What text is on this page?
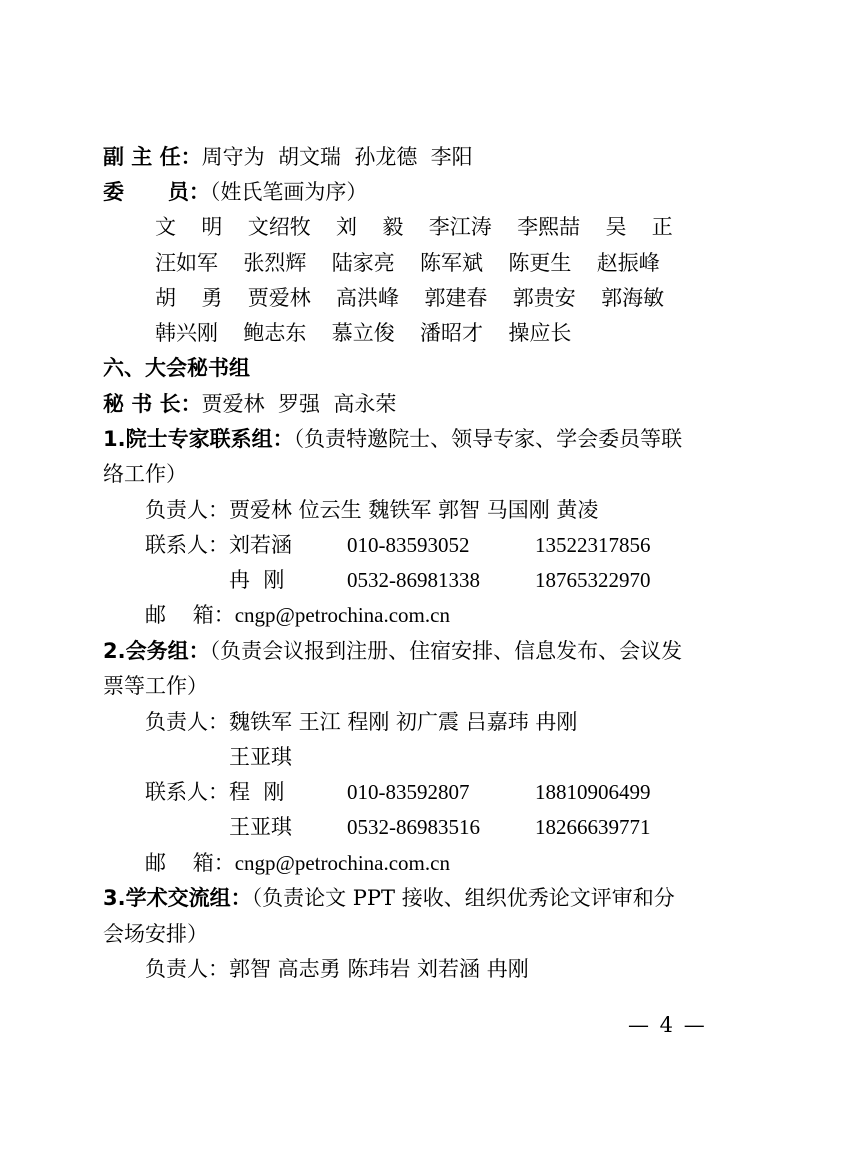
副 主 任：周守为  胡文瑞  孙龙德  李阳
委      员：（姓氏笔画为序）
文  明  文绍牧  刘  毅  李江涛  李熙喆  吴  正
汪如军  张烈辉  陆家亮  陈军斌  陈更生  赵振峰
胡  勇  贾爱林  高洪峰  郭建春  郭贵安  郭海敏
韩兴刚  鲍志东  慕立俊  潘昭才  操应长
六、大会秘书组
秘 书 长：贾爱林  罗强  高永荣
1.院士专家联系组：（负责特邀院士、领导专家、学会委员等联
络工作）
负责人：贾爱林 位云生 魏铁军 郭智 马国刚 黄凌
联系人： 刘若涵	010-83593052	13522317856
冉  刚	0532-86981338	18765322970
邮    箱：cngp@petrochina.com.cn
2.会务组：（负责会议报到注册、住宿安排、信息发布、会议发
票等工作）
负责人：魏铁军 王江 程刚 初广震 吕嘉玮 冉刚
王亚琪
联系人： 程  刚	010-83592807	18810906499
王亚琪	0532-86983516	18266639771
邮    箱：cngp@petrochina.com.cn
3.学术交流组：（负责论文 PPT 接收、组织优秀论文评审和分
会场安排）
负责人：郭智 高志勇 陈玮岩 刘若涵 冉刚
— 4 —
